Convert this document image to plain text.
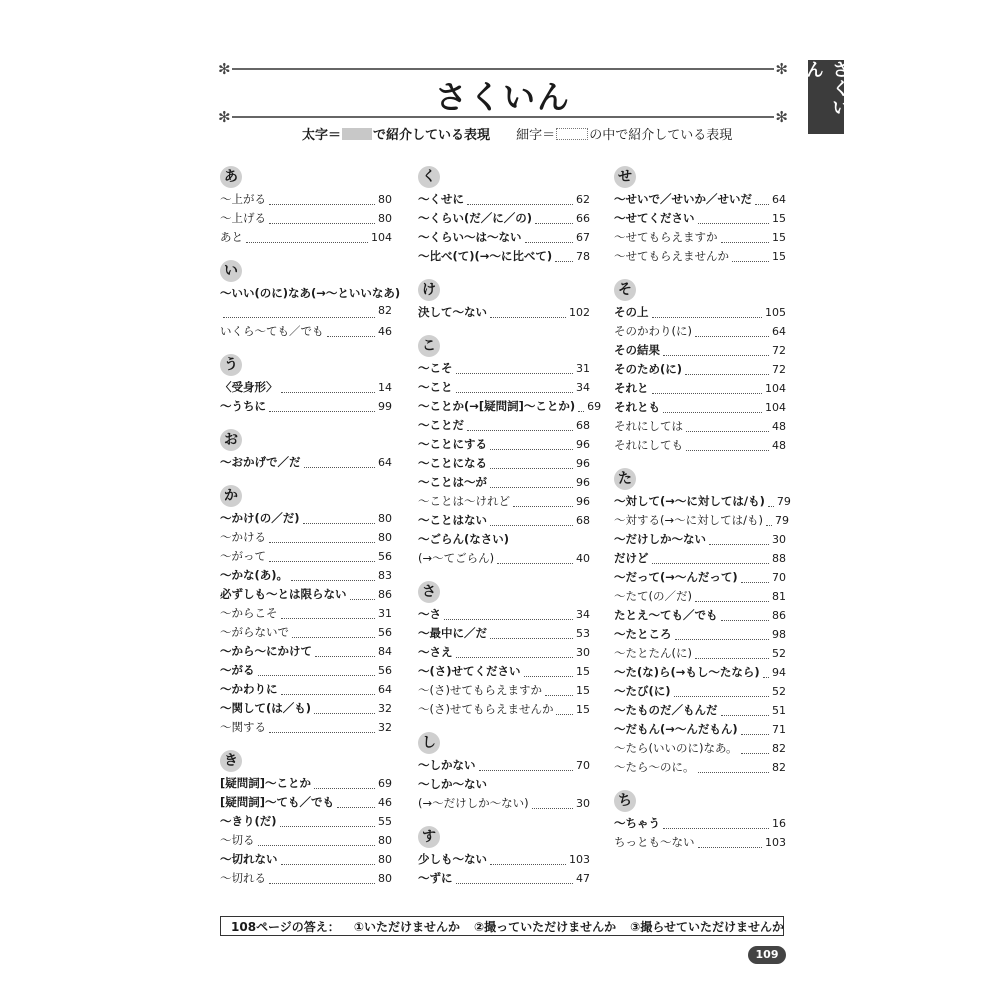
✻	✻
✻	✻
さくいん	さくいん
太字＝ で紹介している表現 細字＝	の中で紹介している表現
あ
～上がる	80
～上げる	80
あと	104
い
～いい(のに)なあ(→～といいなあ)
82
いくら～ても／でも	46
う
〈受身形〉	14
～うちに	99
お
～おかげで／だ	64
か
～かけ(の／だ)	80
～かける	80
～がって	56
～かな(あ)。	83
必ずしも～とは限らない	86
～からこそ	31
～がらないで	56
～から～にかけて	84
～がる	56
～かわりに	64
～関して(は／も)	32
～関する	32
き
[疑問詞]～ことか	69
[疑問詞]～ても／でも	46
～きり(だ)	55
～切る	80
～切れない	80
～切れる	80
く
～くせに	62
～くらい(だ／に／の)	66
～くらい～は～ない	67
～比べ(て)(→～に比べて) 78
け
決して～ない	102
こ
～こそ	31
～こと	34
～ことか(→[疑問詞]～ことか) 69
～ことだ	68
～ことにする	96
～ことになる	96
～ことは～が	96
～ことは～けれど	96
～ことはない	68
～ごらん(なさい)
(→～てごらん)	40
さ
～さ	34
～最中に／だ	53
～さえ	30
～(さ)せてください	15
～(さ)せてもらえますか	15
～(さ)せてもらえませんか 15
し
～しかない	70
～しか～ない
(→～だけしか～ない)	30
す
少しも～ない	103
～ずに	47
せ
～せいで／せいか／せいだ 64
～せてください	15
～せてもらえますか	15
～せてもらえませんか	15
そ
その上	105
そのかわり(に)	64
その結果	72
そのため(に)	72
それと	104
それとも	104
それにしては	48
それにしても	48
た
～対して(→～に対しては/も) 79
～対する(→～に対しては/も) 79
～だけしか～ない	30
だけど	88
～だって(→～んだって)	70
～たて(の／だ)	81
たとえ～ても／でも	86
～たところ	98
～たとたん(に)	52
～た(な)ら(→もし～たなら) 94
～たび(に)	52
～たものだ／もんだ	51
～だもん(→～んだもん)	71
～たら(いいのに)なあ。	82
～たら～のに。	82
ち
～ちゃう	16
ちっとも～ない	103
108ページの答え： ①いただけませんか ②撮っていただけませんか ③撮らせていただけませんか
109
